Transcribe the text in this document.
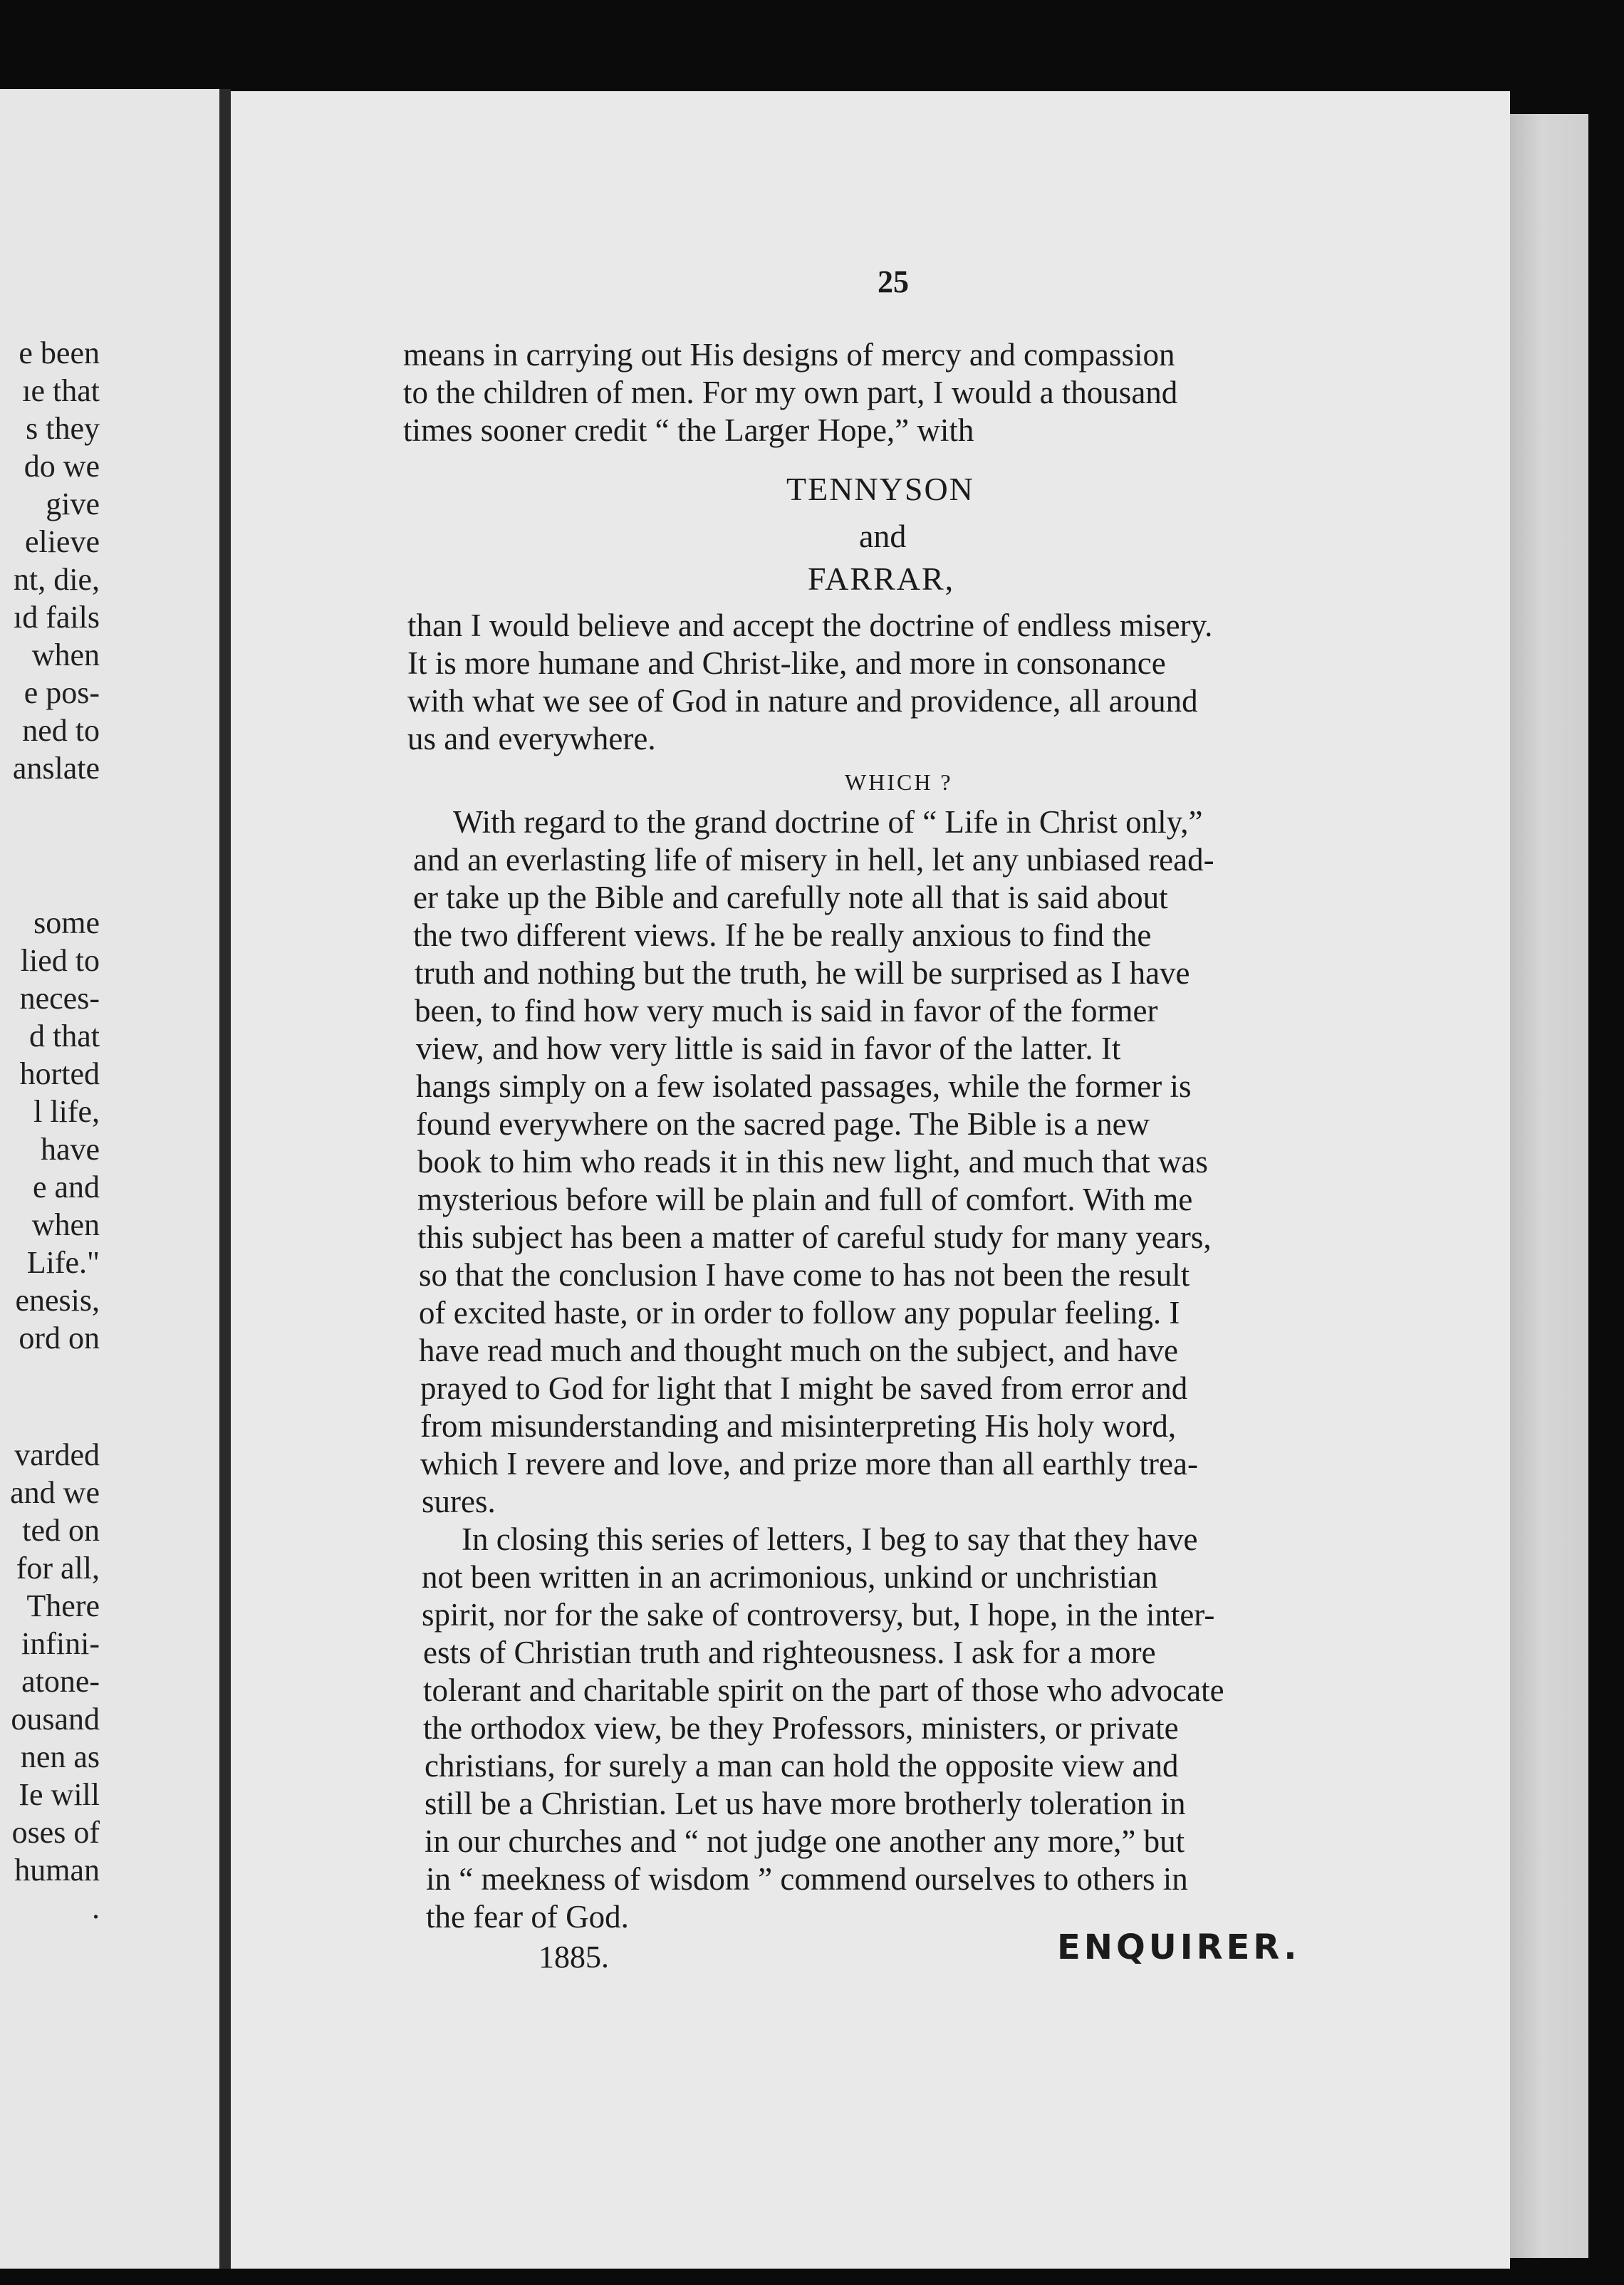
e been
ıe that
s they
do we
give
elieve
nt, die,
ıd fails
when
e pos-
ned to
anslate
some
lied to
neces-
d that
horted
l life,
have
e and
when
Life."
enesis,
ord on
varded
and we
ted on
for all,
There
infini-
atone-
ousand
nen as
Ie will
oses of
human
.
25
means in carrying out His designs of mercy and compassion
to the children of men. For my own part, I would a thousand
times sooner credit “ the Larger Hope,” with
TENNYSON
and
FARRAR,
than I would believe and accept the doctrine of endless misery.
It is more humane and Christ-like, and more in consonance
with what we see of God in nature and providence, all around
us and everywhere.
WHICH ?
With regard to the grand doctrine of “ Life in Christ only,”
and an everlasting life of misery in hell, let any unbiased read-
er take up the Bible and carefully note all that is said about
the two different views. If he be really anxious to find the
truth and nothing but the truth, he will be surprised as I have
been, to find how very much is said in favor of the former
view, and how very little is said in favor of the latter. It
hangs simply on a few isolated passages, while the former is
found everywhere on the sacred page. The Bible is a new
book to him who reads it in this new light, and much that was
mysterious before will be plain and full of comfort. With me
this subject has been a matter of careful study for many years,
so that the conclusion I have come to has not been the result
of excited haste, or in order to follow any popular feeling. I
have read much and thought much on the subject, and have
prayed to God for light that I might be saved from error and
from misunderstanding and misinterpreting His holy word,
which I revere and love, and prize more than all earthly trea-
sures.
In closing this series of letters, I beg to say that they have
not been written in an acrimonious, unkind or unchristian
spirit, nor for the sake of controversy, but, I hope, in the inter-
ests of Christian truth and righteousness. I ask for a more
tolerant and charitable spirit on the part of those who advocate
the orthodox view, be they Professors, ministers, or private
christians, for surely a man can hold the opposite view and
still be a Christian. Let us have more brotherly toleration in
in our churches and “ not judge one another any more,” but
in “ meekness of wisdom ” commend ourselves to others in
the fear of God.
1885.	ENQUIRER.
